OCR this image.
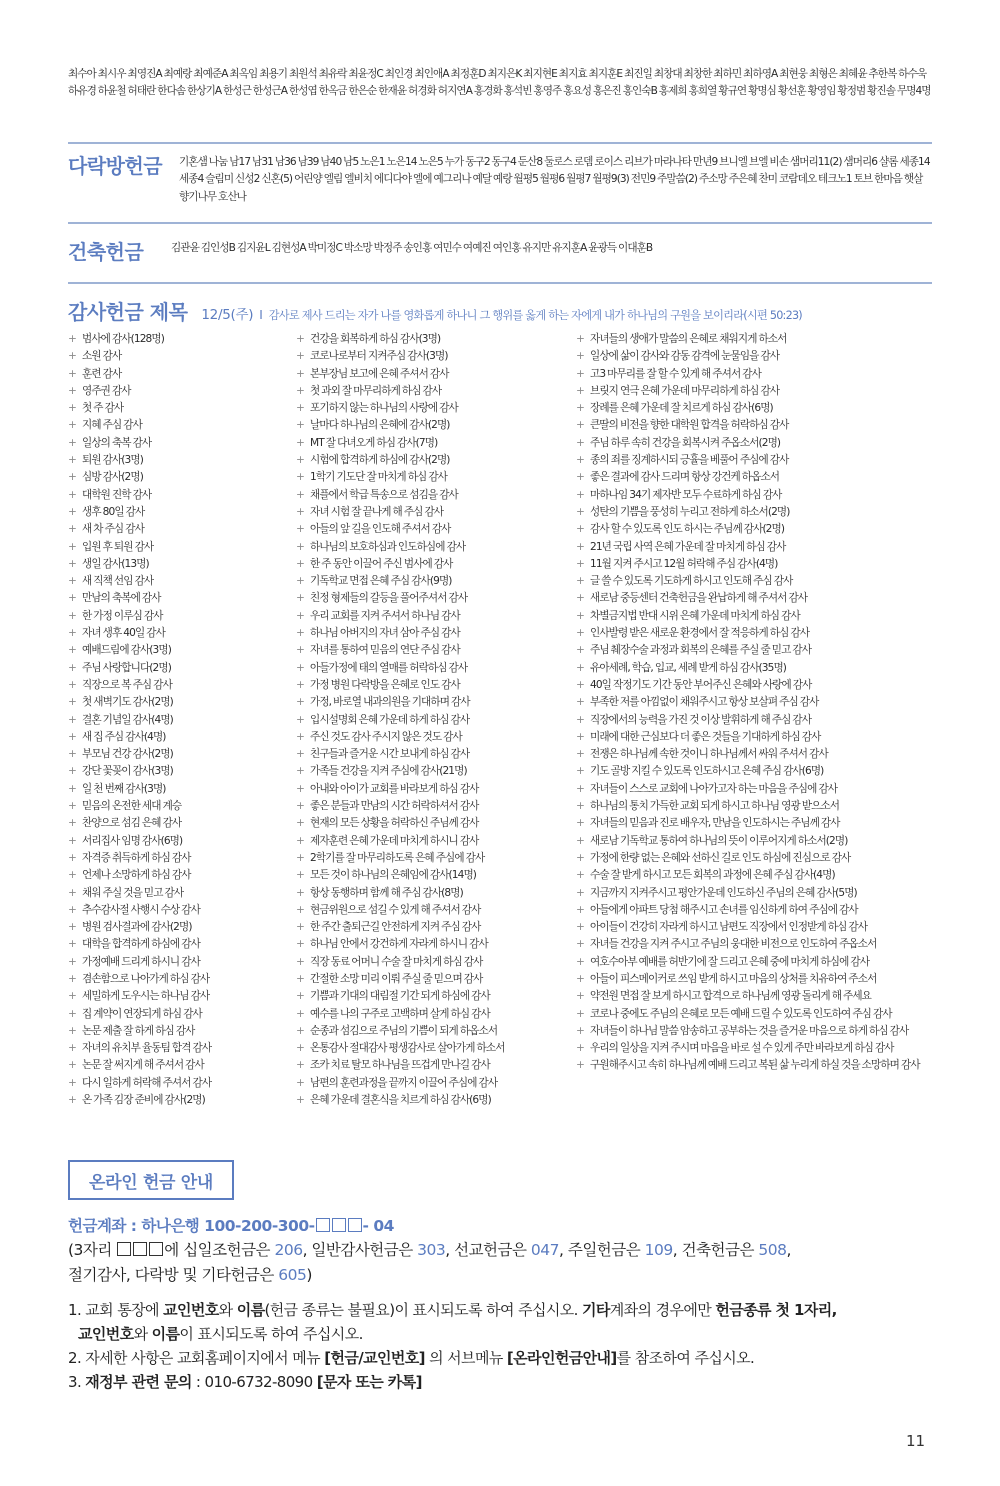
최수아 최시우 최영진A 최예랑 최예준A 최옥임 최용기 최원석 최유락 최윤정C 최인경 최인애A 최정훈D 최지은K 최지현E 최지효 최지훈E 최진일 최창대 최창한 최하민 최하영A 최현웅 최형은 최혜윤 추한복 하수욱 하유경 하윤철 허태란 한다솜 한상기A 한성근 한성근A 한성엽 한옥금 한은순 한재윤 허경화 허지연A 홍경화 홍석빈 홍영주 홍요성 홍은진 홍인숙B 홍제희 홍희열 황규연 황명심 황선훈 황영임 황정범 황진솔 무명4명
다락방헌금 기혼샘 나눔 남17 남31 남36 남39 남40 남5 노은1 노은14 노은5 누가 동구2 동구4 둔산8 둘로스 로뎀 로이스 리브가 마라나타 만년9 브니엘 브엘 비손 샘머리11(2) 샘머리6 샬롬 세종14 세종4 슬림미 신성2 신혼(5) 어린양 엘림 엘비치 에디다야 엘에 예그리나 예달 예랑 월평5 월평6 월평7 월평9(3) 전민9 주말씀(2) 주소망 주은혜 찬미 코람데오 테크노1 토브 한마음 햇살 향기나무 호산나
건축헌금	김관윤 김인성B 김지윤L 김현성A 박미정C 박소망 박정주 송인홍 여민수 여예진 여인홍 유지만 유지훈A 윤광득 이대훈B
감사헌금 제목 12/5(주) I 감사로 제사 드리는 자가 나를 영화롭게 하나니 그 행위를 옳게 하는 자에게 내가 하나님의 구원을 보이리라(시편 50:23)
+ 범사에 감사(128명)
+ 소원 감사
+ 훈련 감사
+ 영주권 감사
+ 첫 주 감사
+ 지혜 주심 감사
+ 일상의 축복 감사
+ 퇴원 감사(3명)
+ 심방 감사(2명)
+ 대학원 진학 감사
+ 생후 80일 감사
+ 새 차 주심 감사
+ 입원 후 퇴원 감사
+ 생일 감사(13명)
+ 새 직책 선임 감사
+ 만남의 축복에 감사
+ 한 가정 이루심 감사
+ 자녀 생후 40일 감사
+ 예배드림에 감사(3명)
+ 주님 사랑합니다(2명)
+ 직장으로 복 주심 감사
+ 첫 새벽기도 감사(2명)
+ 결혼 기념일 감사(4명)
+ 새 집 주심 감사(4명)
+ 부모님 건강 감사(2명)
+ 강단 꽃꽂이 감사(3명)
+ 일 천 번째 감사(3명)
+ 믿음의 온전한 세대 계승
+ 찬양으로 섬김 은혜 감사
+ 서리집사 임명 감사(6명)
+ 자격증 취득하게 하심 감사
+ 언제나 소망하게 하심 감사
+ 채워 주실 것을 믿고 감사
+ 추수감사절 사행시 수상 감사
+ 병원 검사결과에 감사(2명)
+ 대학을 합격하게 하심에 감사
+ 가정예배 드리게 하시니 감사
+ 겸손함으로 나아가게 하심 감사
+ 세밀하게 도우시는 하나님 감사
+ 집 계약이 연장되게 하심 감사
+ 논문 제출 잘 하게 하심 감사
+ 자녀의 유치부 율동팀 합격 감사
+ 논문 잘 써지게 해 주셔서 감사
+ 다시 일하게 허락해 주셔서 감사
+ 온 가족 김장 준비에 감사(2명)
+ 건강을 회복하게 하심 감사(3명)
+ 코로나로부터 지켜주심 감사(3명)
+ 본부장님 보고에 은혜 주셔서 감사
+ 첫 과외 잘 마무리하게 하심 감사
+ 포기하지 않는 하나님의 사랑에 감사
+ 날마다 하나님의 은혜에 감사(2명)
+ MT 잘 다녀오게 하심 감사(7명)
+ 시험에 합격하게 하심에 감사(2명)
+ 1학기 기도단 잘 마치게 하심 감사
+ 채플에서 학급 특송으로 섬김을 감사
+ 자녀 시험 잘 끝나게 해 주심 감사
+ 아들의 앞 길을 인도해 주셔서 감사
+ 하나님의 보호하심과 인도하심에 감사
+ 한 주 동안 이끌어 주신 범사에 감사
+ 기독학교 면접 은혜 주심 감사(9명)
+ 친정 형제들의 갈등을 풀어주셔서 감사
+ 우리 교회를 지켜 주셔서 하나님 감사
+ 하나님 아버지의 자녀 삼아 주심 감사
+ 자녀를 통하여 믿음의 연단 주심 감사
+ 아들가정에 태의 열매를 허락하심 감사
+ 가정 병원 다락방을 은혜로 인도 감사
+ 가정, 바로열 내과의원을 기대하며 감사
+ 입시설명회 은혜 가운데 하게 하심 감사
+ 주신 것도 감사 주시지 않은 것도 감사
+ 친구들과 즐거운 시간 보내게 하심 감사
+ 가족들 건강을 지켜 주심에 감사(21명)
+ 아내와 아이가 교회를 바라보게 하심 감사
+ 좋은 분들과 만남의 시간 허락하셔서 감사
+ 현재의 모든 상황을 허락하신 주님께 감사
+ 제자훈련 은혜 가운데 마치게 하시니 감사
+ 2학기를 잘 마무리하도록 은혜 주심에 감사
+ 모든 것이 하나님의 은혜임에 감사(14명)
+ 항상 동행하며 함께 해 주심 감사(8명)
+ 현금위원으로 섬길 수 있게 해 주셔서 감사
+ 한 주간 출퇴근길 안전하게 지켜 주심 감사
+ 하나님 안에서 강건하게 자라게 하시니 감사
+ 직장 동료 어머니 수술 잘 마치게 하심 감사
+ 간절한 소망 미리 이뤄 주실 줄 믿으며 감사
+ 기쁨과 기대의 대림절 기간 되게 하심에 감사
+ 예수를 나의 구주로 고백하며 살게 하심 감사
+ 순종과 섬김으로 주님의 기쁨이 되게 하옵소서
+ 온통감사 절대감사 평생감사로 살아가게 하소서
+ 조카 치료 탈모 하나님을 뜨겁게 만나길 감사
+ 남편의 훈련과정을 끝까지 이끌어 주심에 감사
+ 은혜 가운데 결혼식을 치르게 하심 감사(6명)
+ 자녀들의 생애가 말씀의 은혜로 채워지게 하소서
+ 일상에 삶이 감사와 감동 감격에 눈물임을 감사
+ 고3 마무리를 잘 할 수 있게 해 주셔서 감사
+ 브릿지 연극 은혜 가운데 마무리하게 하심 감사
+ 장례를 은혜 가운데 잘 치르게 하심 감사(6명)
+ 큰딸의 비전을 향한 대학원 합격을 허락하심 감사
+ 주님 하루 속히 건강을 회복시켜 주옵소서(2명)
+ 종의 죄를 징계하시되 긍휼을 베풀어 주심에 감사
+ 좋은 결과에 감사 드리며 항상 강건케 하옵소서
+ 마하나임 34기 제자반 모두 수료하게 하심 감사
+ 성탄의 기쁨을 풍성히 누리고 전하게 하소서(2명)
+ 감사 할 수 있도록 인도 하시는 주님께 감사(2명)
+ 21년 국립 사역 은혜 가운데 잘 마치게 하심 감사
+ 11월 지켜 주시고 12월 허락해 주심 감사(4명)
+ 글 쓸 수 있도록 기도하게 하시고 인도해 주심 감사
+ 새로남 중등센터 건축헌금을 완납하게 해 주셔서 감사
+ 차별금지법 반대 시위 은혜 가운데 마치게 하심 감사
+ 인사발령 받은 새로운 환경에서 잘 적응하게 하심 감사
+ 주님 췌장수술 과정과 회복의 은혜를 주실 줄 믿고 감사
+ 유아세례, 학습, 입교, 세례 받게 하심 감사(35명)
+ 40일 작정기도 기간 동안 부어주신 은혜와 사랑에 감사
+ 부족한 저를 아낌없이 채워주시고 항상 보살펴 주심 감사
+ 직장에서의 능력을 가진 것 이상 발휘하게 해 주심 감사
+ 미래에 대한 근심보다 더 좋은 것들을 기대하게 하심 감사
+ 전쟁은 하나님께 속한 것이니 하나님께서 싸워 주셔서 감사
+ 기도 골방 지킬 수 있도록 인도하시고 은혜 주심 감사(6명)
+ 자녀들이 스스로 교회에 나아가고자 하는 마음을 주심에 감사
+ 하나님의 통치 가득한 교회 되게 하시고 하나님 영광 받으소서
+ 자녀들의 믿음과 진로 배우자, 만남을 인도하시는 주님께 감사
+ 새로남 기독학교 통하여 하나님의 뜻이 이루어지게 하소서(2명)
+ 가정에 한량 없는 은혜와 선하신 길로 인도 하심에 진심으로 감사
+ 수술 잘 받게 하시고 모든 회복의 과정에 은혜 주심 감사(4명)
+ 지금까지 지켜주시고 평안가운데 인도하신 주님의 은혜 감사(5명)
+ 아들에게 아파트 당첨 해주시고 손녀를 임신하게 하여 주심에 감사
+ 아이들이 건강히 자라게 하시고 남편도 직장에서 인정받게 하심 감사
+ 자녀들 건강을 지켜 주시고 주님의 웅대한 비전으로 인도하여 주옵소서
+ 여호수아부 예배를 허반기에 잘 드리고 은혜 중에 마치게 하심에 감사
+ 아들이 피스메이커로 쓰임 받게 하시고 마음의 상처를 치유하여 주소서
+ 약전원 면접 잘 보게 하시고 합격으로 하나님께 영광 돌리게 해 주세요
+ 코로나 중에도 주님의 은혜로 모든 예배 드릴 수 있도록 인도하여 주심 감사
+ 자녀들이 하나님 말씀 암송하고 공부하는 것을 즐거운 마음으로 하게 하심 감사
+ 우리의 일상을 지켜 주시며 마음을 바로 설 수 있게 주만 바라보게 하심 감사
+ 구원해주시고 속히 하나님께 예배 드리고 복된 삶 누리게 하실 것을 소망하며 감사
온라인 헌금 안내
헌금계좌 : 하나은행 100-200-300-	- 04
(3자리	에 십일조헌금은 206, 일반감사헌금은 303, 선교헌금은 047, 주일헌금은 109, 건축헌금은 508,
절기감사, 다락방 및 기타헌금은 605)
1. 교회 통장에 교인번호와 이름(헌금 종류는 불필요)이 표시되도록 하여 주십시오. 기타계좌의 경우에만 헌금종류 첫 1자리,
교인번호와 이름이 표시되도록 하여 주십시오.
2. 자세한 사항은 교회홈페이지에서 메뉴 [헌금/교인번호] 의 서브메뉴 [온라인헌금안내]를 참조하여 주십시오.
3. 재정부 관련 문의 : 010-6732-8090 [문자 또는 카톡]
11
